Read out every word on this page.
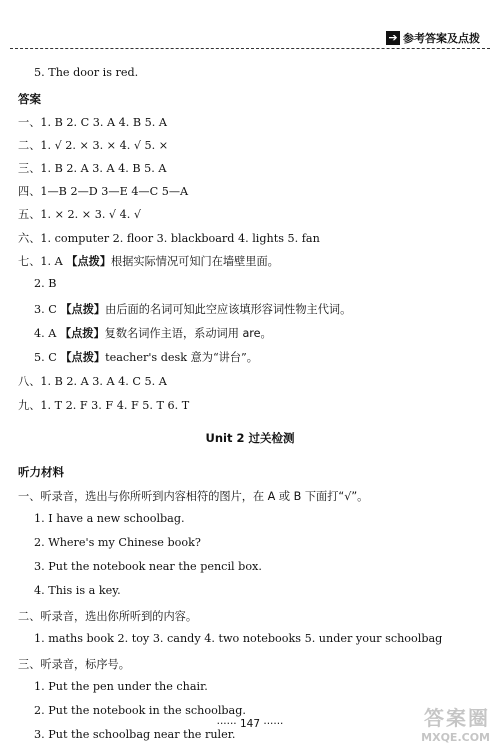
➔ 参考答案及点拨
5. The door is red.
答案
一、1. B 2. C 3. A 4. B 5. A
二、1. √ 2. × 3. × 4. √ 5. ×
三、1. B 2. A 3. A 4. B 5. A
四、1—B 2—D 3—E 4—C 5—A
五、1. × 2. × 3. √ 4. √
六、1. computer 2. floor 3. blackboard 4. lights 5. fan
七、1. A 【点拨】根据实际情况可知门在墙壁里面。
2. B
3. C 【点拨】由后面的名词可知此空应该填形容词性物主代词。
4. A 【点拨】复数名词作主语，系动词用 are。
5. C 【点拨】teacher's desk 意为“讲台”。
八、1. B 2. A 3. A 4. C 5. A
九、1. T 2. F 3. F 4. F 5. T 6. T
Unit 2 过关检测
听力材料
一、听录音，选出与你所听到内容相符的图片，在 A 或 B 下面打“√”。
1. I have a new schoolbag.
2. Where's my Chinese book?
3. Put the notebook near the pencil box.
4. This is a key.
二、听录音，选出你所听到的内容。
1. maths book 2. toy 3. candy 4. two notebooks 5. under your schoolbag
三、听录音，标序号。
1. Put the pen under the chair.
2. Put the notebook in the schoolbag.
3. Put the schoolbag near the ruler.
······ 147 ······	答案圈
MXQE.COM
